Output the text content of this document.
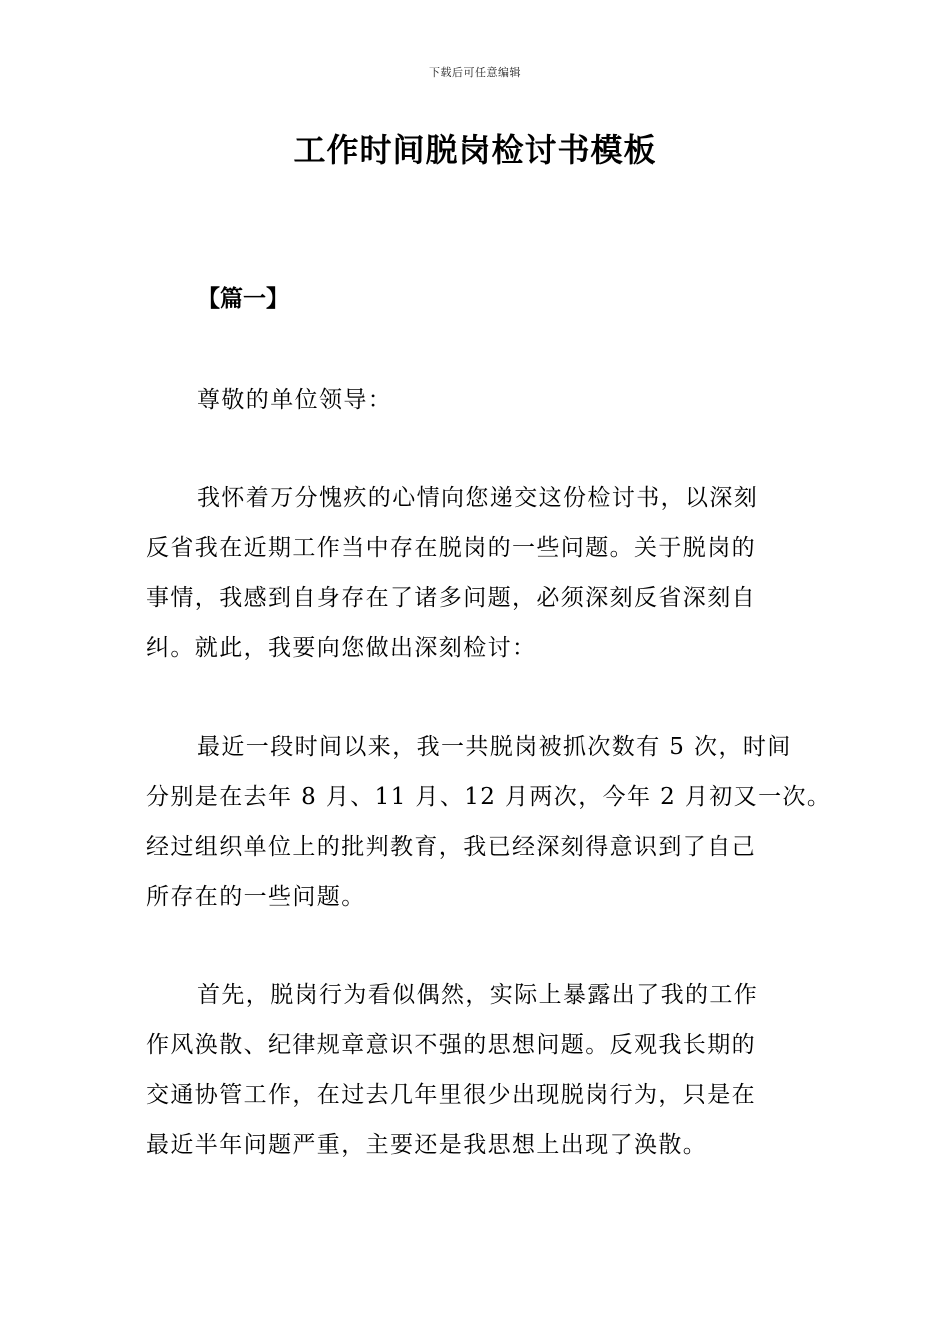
下载后可任意编辑
工作时间脱岗检讨书模板
【篇一】
尊敬的单位领导：
我怀着万分愧疚的心情向您递交这份检讨书，以深刻
反省我在近期工作当中存在脱岗的一些问题。关于脱岗的
事情，我感到自身存在了诸多问题，必须深刻反省深刻自
纠。就此，我要向您做出深刻检讨：
最近一段时间以来，我一共脱岗被抓次数有 5 次，时间
分别是在去年 8 月、11 月、12 月两次，今年 2 月初又一次。
经过组织单位上的批判教育，我已经深刻得意识到了自己
所存在的一些问题。
首先，脱岗行为看似偶然，实际上暴露出了我的工作
作风涣散、纪律规章意识不强的思想问题。反观我长期的
交通协管工作，在过去几年里很少出现脱岗行为，只是在
最近半年问题严重，主要还是我思想上出现了涣散。
